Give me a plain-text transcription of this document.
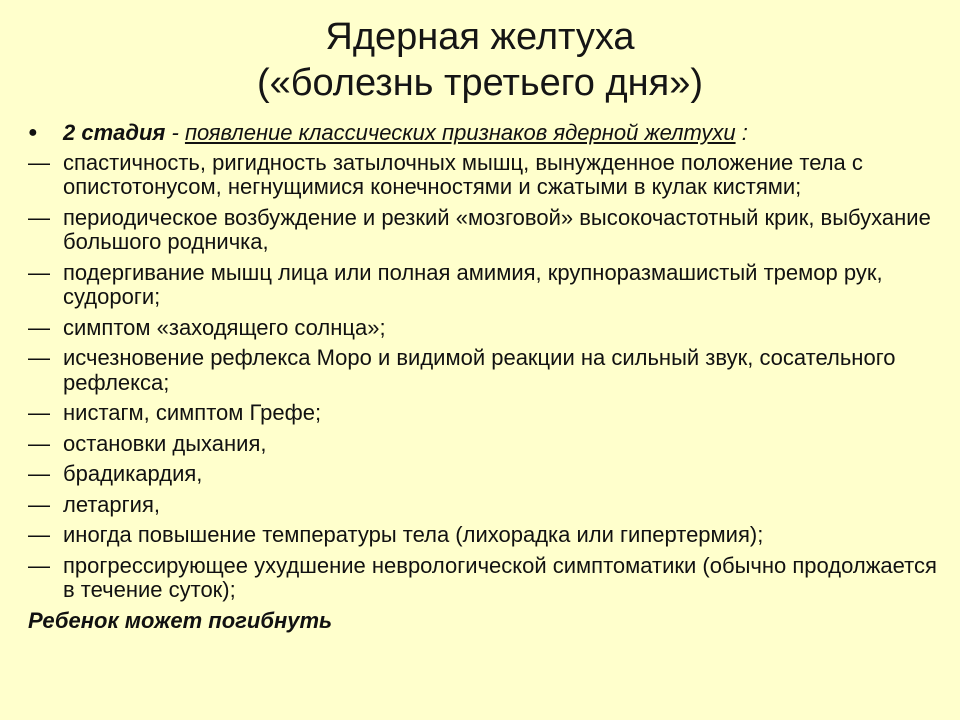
Ядерная желтуха
(«болезнь третьего дня»)
● 2 стадия - появление классических признаков ядерной желтухи :
— спастичность, ригидность затылочных мышц, вынужденное положение тела с опистотонусом, негнущимися конечностями и сжатыми в кулак кистями;
— периодическое возбуждение и резкий «мозговой» высокочастотный крик, выбухание большого родничка,
— подергивание мышц лица или полная амимия, крупноразмашистый тремор рук, судороги;
— симптом «заходящего солнца»;
— исчезновение рефлекса Моро и видимой реакции на сильный звук, сосательного рефлекса;
— нистагм, симптом Грефе;
— остановки дыхания,
— брадикардия,
— летаргия,
— иногда повышение температуры тела (лихорадка или гипертермия);
— прогрессирующее ухудшение неврологической симптоматики (обычно продолжается в течение суток);
Ребенок может погибнуть
